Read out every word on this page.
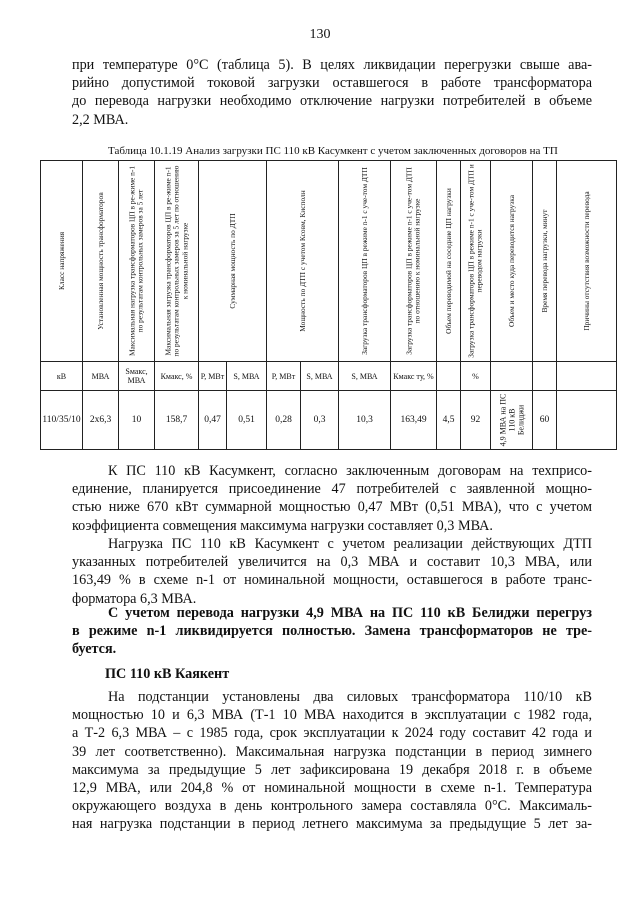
130

при температуре 0°С (таблица 5). В целях ликвидации перегрузки свыше ава-
рийно допустимой токовой загрузки оставшегося в работе трансформатора
до перевода нагрузки необходимо отключение нагрузки потребителей в объеме
2,2 МВА.

Таблица 10.1.19 Анализ загрузки ПС 110 кВ Касумкент с учетом заключенных договоров на ТП
Класс напряжения	Установленная мощность трансформаторов	Максимальная нагрузка трансформаторов ЦП в ре-жиме n-1 по результатам контрольных замеров за 5 лет	Максимальная загрузка трансформаторов ЦП в ре-жиме n-1 по результатам контрольных замеров за 5 лет по отношению к номинальной нагрузке	Суммарная мощность по ДТП		Мощность по ДТП с учетом Ксовм, Кисполн		Загрузка трансформаторов ЦП в режиме n-1 с уче-том ДТП	Загрузка трансформаторов ЦП в режиме n-1 с уче-том ДТП по отношению к номинальной нагрузке	Объем переводимой на соседние ЦП нагрузки	Загрузка трансформаторов ЦП в режиме n-1 с уче-том ДТП и переводом нагрузки	Объем и место куда переводится нагрузка	Время перевода нагрузки, минут	Причины отсутствия возможности перевода

кВ	МВА	Sмакс, МВА	Кмакс, %	Р, МВт	S, МВА	Р, МВт	S, МВА	S, МВА	Кмакс ту, %		%			
110/35/10	2х6,3	10	158,7	0,47	0,51	0,28	0,3	10,3	163,49	4,5	92	4,9 МВА на ПС 110 кВ Белиджи	60	

К ПС 110 кВ Касумкент, согласно заключенным договорам на техприсо-
единение, планируется присоединение 47 потребителей с заявленной мощно-
стью ниже 670 кВт суммарной мощностью 0,47 МВт (0,51 МВА), что с учетом
коэффициента совмещения максимума нагрузки составляет 0,3 МВА.

Нагрузка ПС 110 кВ Касумкент с учетом реализации действующих ДТП
указанных потребителей увеличится на 0,3 МВА и составит 10,3 МВА, или
163,49 % в схеме n-1 от номинальной мощности, оставшегося в работе транс-
форматора 6,3 МВА.

С учетом перевода нагрузки 4,9 МВА на ПС 110 кВ Белиджи перегруз
в режиме n-1 ликвидируется полностью. Замена трансформаторов не тре-
буется.

ПС 110 кВ Каякент

На подстанции установлены два силовых трансформатора 110/10 кВ
мощностью 10 и 6,3 МВА (Т-1 10 МВА находится в эксплуатации с 1982 года,
а Т-2 6,3 МВА – с 1985 года, срок эксплуатации к 2024 году составит 42 года и
39 лет соответственно). Максимальная нагрузка подстанции в период зимнего
максимума за предыдущие 5 лет зафиксирована 19 декабря 2018 г. в объеме
12,9 МВА, или 204,8 % от номинальной мощности в схеме n-1. Температура
окружающего воздуха в день контрольного замера составляла 0°С. Максималь-
ная нагрузка подстанции в период летнего максимума за предыдущие 5 лет за-
